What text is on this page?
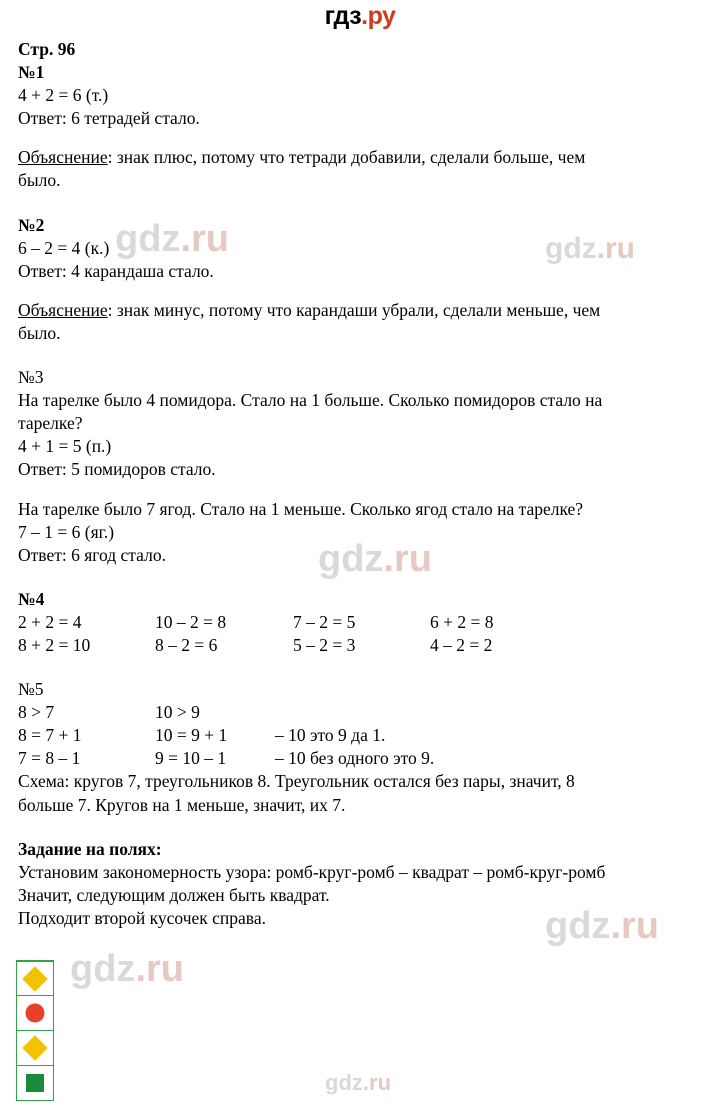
гдз.ру
gdz.ru	gdz.ru
gdz.ru
gdz.ru
gdz.ru
gdz.ru
Стр. 96
№1
4 + 2 = 6 (т.)
Ответ: 6 тетрадей стало.
Объяснение: знак плюс, потому что тетради добавили, сделали больше, чем
было.
№2
6 – 2 = 4 (к.)
Ответ: 4 карандаша стало.
Объяснение: знак минус, потому что карандаши убрали, сделали меньше, чем
было.
№3
На тарелке было 4 помидора. Стало на 1 больше. Сколько помидоров стало на
тарелке?
4 + 1 = 5 (п.)
Ответ: 5 помидоров стало.
На тарелке было 7 ягод. Стало на 1 меньше. Сколько ягод стало на тарелке?
7 – 1 = 6 (яг.)
Ответ: 6 ягод стало.
№4
2 + 2 = 4	10 – 2 = 8	7 – 2 = 5	6 + 2 = 8
8 + 2 = 10	8 – 2 = 6	5 – 2 = 3	4 – 2 = 2
№5
8 > 7	10 > 9
8 = 7 + 1	10 = 9 + 1	– 10 это 9 да 1.
7 = 8 – 1	9 = 10 – 1	– 10 без одного это 9.
Схема: кругов 7, треугольников 8. Треугольник остался без пары, значит, 8
больше 7. Кругов на 1 меньше, значит, их 7.
Задание на полях:
Установим закономерность узора: ромб-круг-ромб – квадрат – ромб-круг-ромб
Значит, следующим должен быть квадрат.
Подходит второй кусочек справа.
